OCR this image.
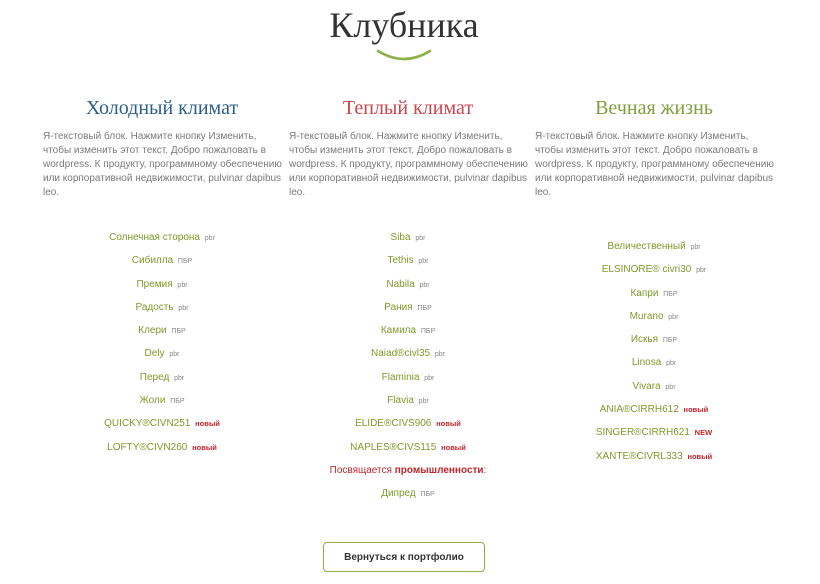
Клубника
Холодный климат

Я-текстовый блок. Нажмите кнопку Изменить, чтобы изменить этот текст. Добро пожаловать в wordpress. К продукту, программному обеспечению или корпоративной недвижимости, pulvinar dapibus leo.

Солнечная сторона pbr
Сибилла ПБР
Премия pbr
Радость pbr
Клери ПБР
Dely pbr
Перед pbr
Жоли ПБР
QUICKY®CIVN251 новый
LOFTY®CIVN260 новый
Теплый климат

Я-текстовый блок. Нажмите кнопку Изменить, чтобы изменить этот текст. Добро пожаловать в wordpress. К продукту, программному обеспечению или корпоративной недвижимости, pulvinar dapibus leo.

Siba pbr
Tethis pbr
Nabila pbr
Рания ПБР
Камила ПБР
Naiad®civl35 pbr
Flaminia pbr
Flavia pbr
ELIDE®CIVS906 новый
NAPLES®CIVS115 новый
Посвящается промышленности:
Дипред ПБР
Вечная жизнь

Я-текстовый блок. Нажмите кнопку Изменить, чтобы изменить этот текст. Добро пожаловать в wordpress. К продукту, программному обеспечению или корпоративной недвижимости, pulvinar dapibus leo.

Величественный pbr
ELSINORE® civri30 pbr
Капри ПБР
Murano pbr
Искья ПБР
Linosa pbr
Vivara pbr
ANIA®CIRRH612 новый
SINGER®CIRRH621 NEW
XANTE®CIVRL333 новый
Вернуться к портфолио
